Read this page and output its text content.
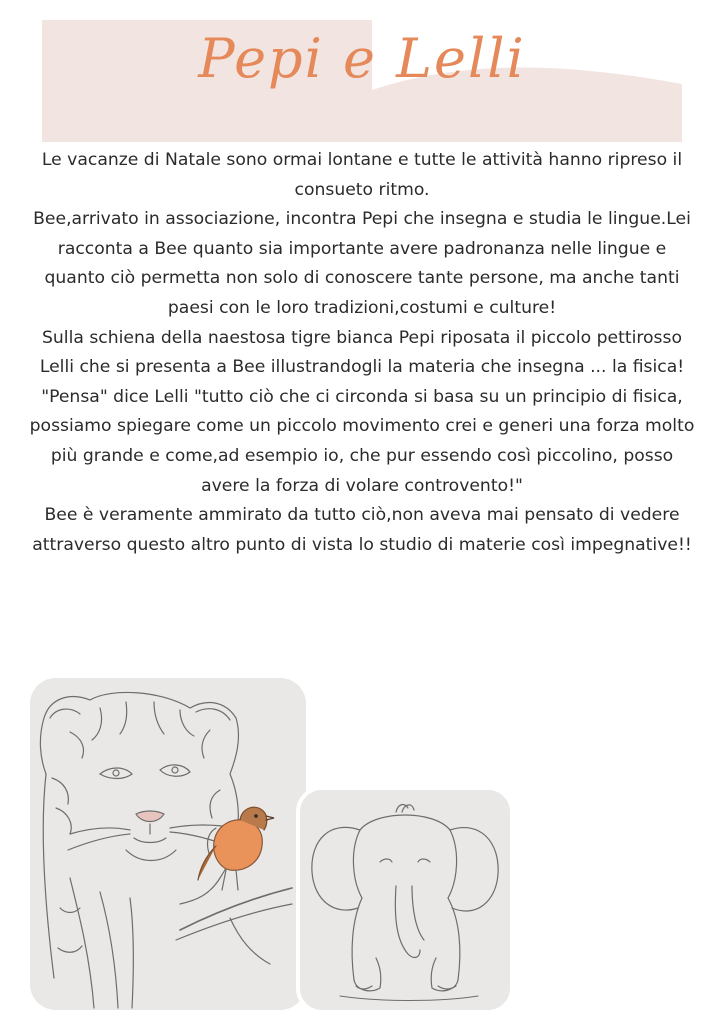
Pepi e Lelli

Le vacanze di Natale sono ormai lontane e tutte le attività hanno ripreso il consueto ritmo.

Bee,arrivato in associazione, incontra Pepi che insegna e studia le lingue.Lei racconta a Bee quanto sia importante avere padronanza nelle lingue e quanto ciò permetta non solo di conoscere tante persone, ma anche tanti paesi con le loro tradizioni,costumi e culture!

Sulla schiena della naestosa tigre bianca Pepi riposata il piccolo pettirosso Lelli che si presenta a Bee illustrandogli la materia che insegna ... la fisica!

"Pensa" dice Lelli "tutto ciò che ci circonda si basa su un principio di fisica, possiamo spiegare come un piccolo movimento crei e generi una forza molto più grande e come,ad esempio io, che pur essendo così piccolino, posso avere la forza di volare controvento!"

Bee è veramente ammirato da tutto ciò,non aveva mai pensato di vedere attraverso questo altro punto di vista lo studio di materie così impegnative!!
